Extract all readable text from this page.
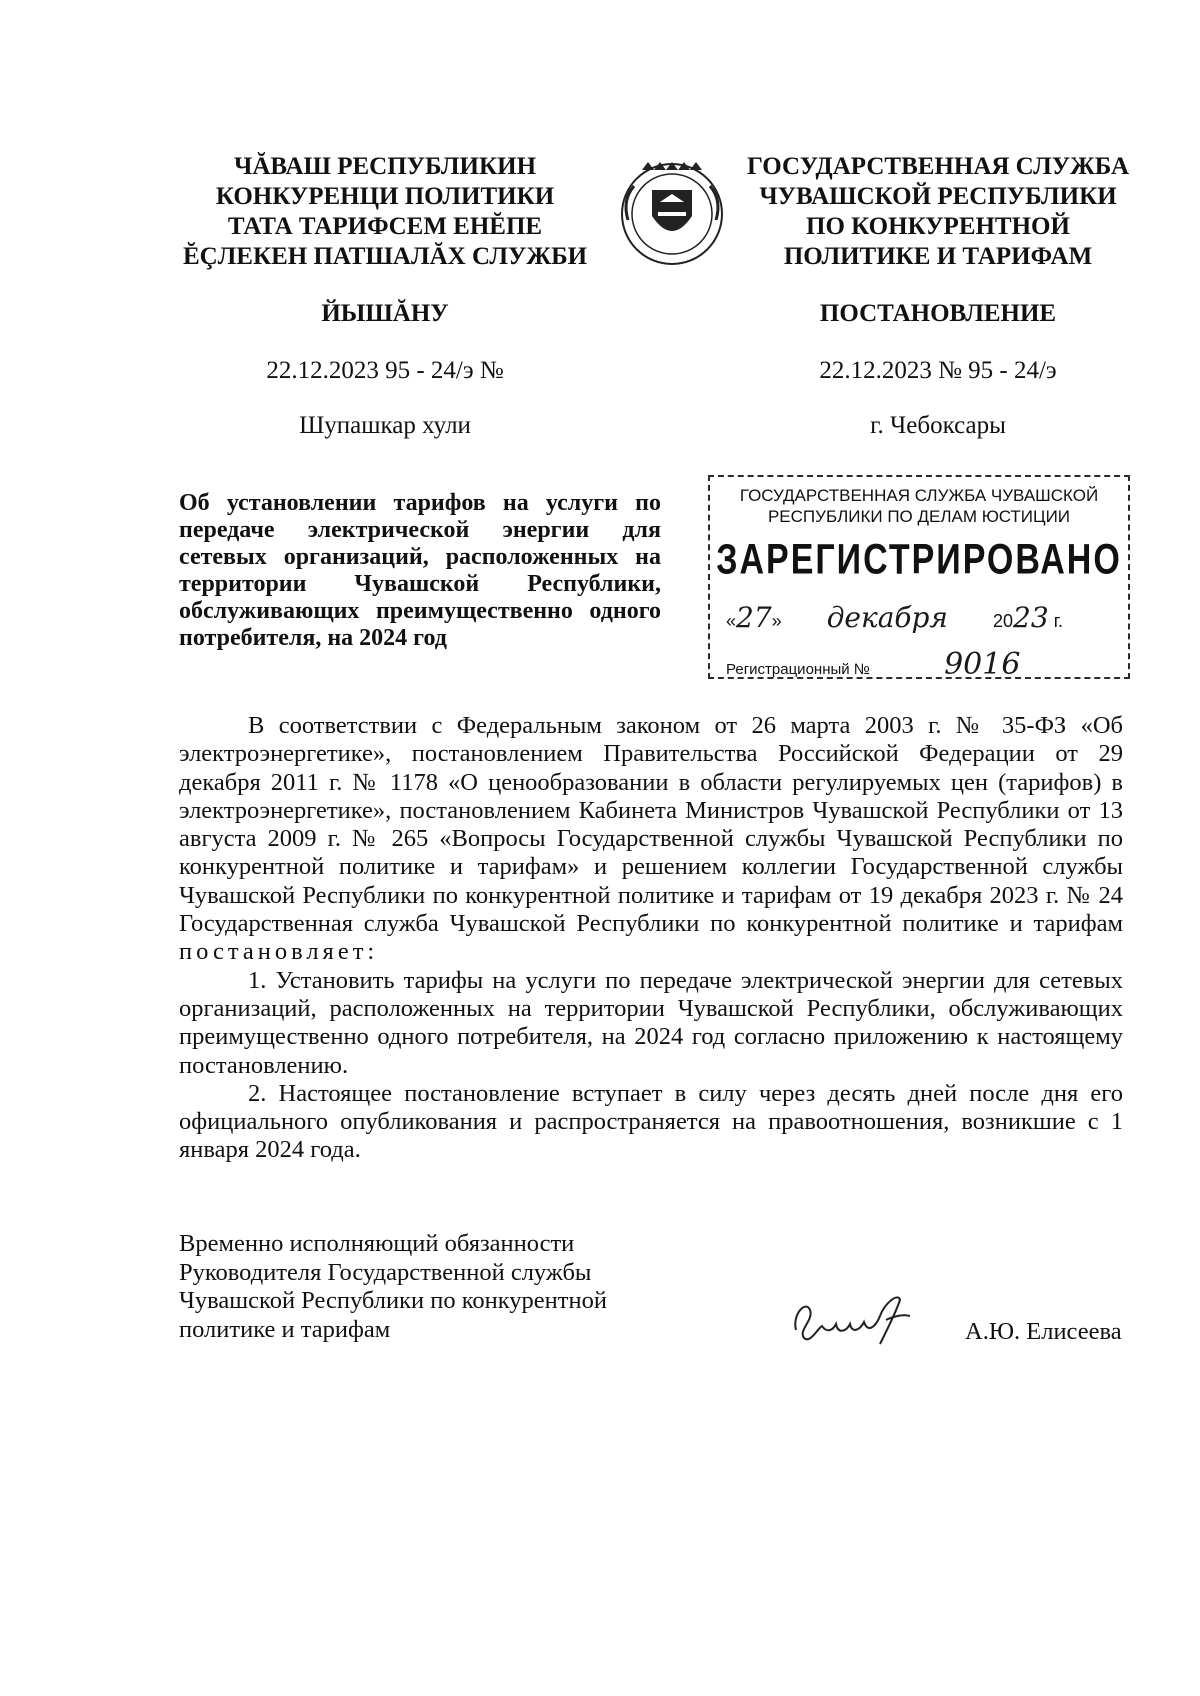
ЧĂВАШ РЕСПУБЛИКИН
КОНКУРЕНЦИ ПОЛИТИКИ
ТАТА ТАРИФСЕМ ЕНĔПЕ
ĔÇЛЕКЕН ПАТШАЛĂХ СЛУЖБИ
ГОСУДАРСТВЕННАЯ СЛУЖБА
ЧУВАШСКОЙ РЕСПУБЛИКИ
ПО КОНКУРЕНТНОЙ
ПОЛИТИКЕ И ТАРИФАМ
ЙЫШĂНУ	ПОСТАНОВЛЕНИЕ
22.12.2023 95 - 24/э №	22.12.2023 № 95 - 24/э
Шупашкар хули	г. Чебоксары
Об установлении тарифов на услуги по
передаче электрической энергии для
сетевых организаций, расположенных на
территории Чувашской Республики,
обслуживающих преимущественно одного
потребителя, на 2024 год
ГОСУДАРСТВЕННАЯ СЛУЖБА ЧУВАШСКОЙ
РЕСПУБЛИКИ ПО ДЕЛАМ ЮСТИЦИИ
ЗАРЕГИСТРИРОВАНО
«27» декабря	2023 г.
Регистрационный № 9016

В соответствии с Федеральным законом от 26 марта 2003 г. № 35-ФЗ «Об электроэнергетике», постановлением Правительства Российской Федерации от 29 декабря 2011 г. № 1178 «О ценообразовании в области регулируемых цен (тарифов) в электроэнергетике», постановлением Кабинета Министров Чувашской Республики от 13 августа 2009 г. № 265 «Вопросы Государственной службы Чувашской Республики по конкурентной политике и тарифам» и решением коллегии Государственной службы Чувашской Республики по конкурентной политике и тарифам от 19 декабря 2023 г. № 24 Государственная служба Чувашской Республики по конкурентной политике и тарифам постановляет:

1. Установить тарифы на услуги по передаче электрической энергии для сетевых организаций, расположенных на территории Чувашской Республики, обслуживающих преимущественно одного потребителя, на 2024 год согласно приложению к настоящему постановлению.

2. Настоящее постановление вступает в силу через десять дней после дня его официального опубликования и распространяется на правоотношения, возникшие с 1 января 2024 года.

Временно исполняющий обязанности
Руководителя Государственной службы
Чувашской Республики по конкурентной
политике и тарифам	А.Ю. Елисеева
